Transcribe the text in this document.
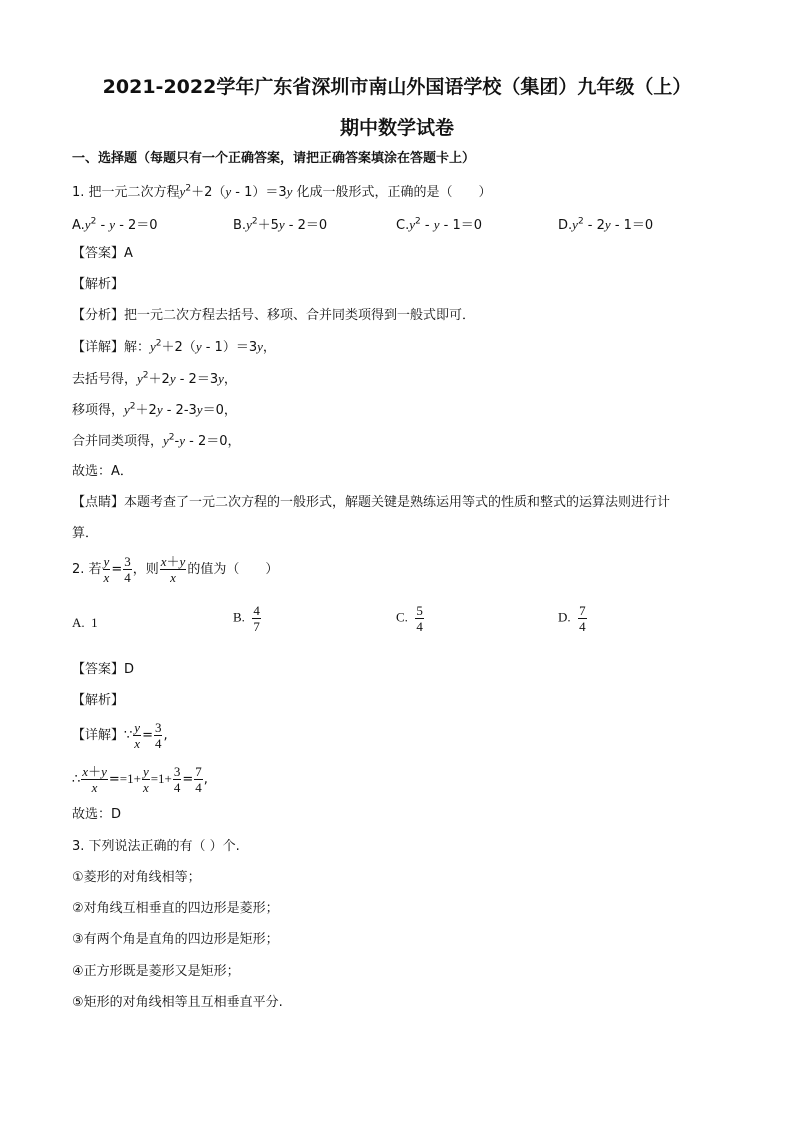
2021-2022学年广东省深圳市南山外国语学校（集团）九年级（上）
期中数学试卷
一、选择题（每题只有一个正确答案，请把正确答案填涂在答题卡上）
1. 把一元二次方程$y^2+2(y - 1)=3y$ 化成一般形式，正确的是（　　）
$A.y^2 - y - 2=0$	$B.y^2+5y - 2=0$	$C.y^2 - y - 1=0$	$D.y^2 - 2y - 1=0$
【答案】A
【解析】
【分析】把一元二次方程去括号、移项、合并同类项得到一般式即可．
【详解】解：$y^2+2(y - 1)=3y$，
去括号得，$y^2+2y - 2=3y$，
移项得，$y^2+2y - 2-3y=0$，
合并同类项得，$y^2-y - 2=0$，
故选：A．
【点睛】本题考查了一元二次方程的一般形式，解题关键是熟练运用等式的性质和整式的运算法则进行计
算．
2. 若 $\frac{y}{x} = \frac{3}{4}$ ，则 $\frac{x+y}{x}$ 的值为（　　）
A. 1	B. $\frac{4}{7}$	C. $\frac{5}{4}$	D. $\frac{7}{4}$
【答案】D
【解析】
【详解】∵ $\frac{y}{x} = \frac{3}{4}$ ,
∴ $\frac{x+y}{x} ==1+ \frac{y}{x} =1+ \frac{3}{4} = \frac{7}{4}$ ,
故选：D
3. 下列说法正确的有（ ）个.
①菱形的对角线相等；
②对角线互相垂直的四边形是菱形；
③有两个角是直角的四边形是矩形；
④正方形既是菱形又是矩形；
⑤矩形的对角线相等且互相垂直平分.
